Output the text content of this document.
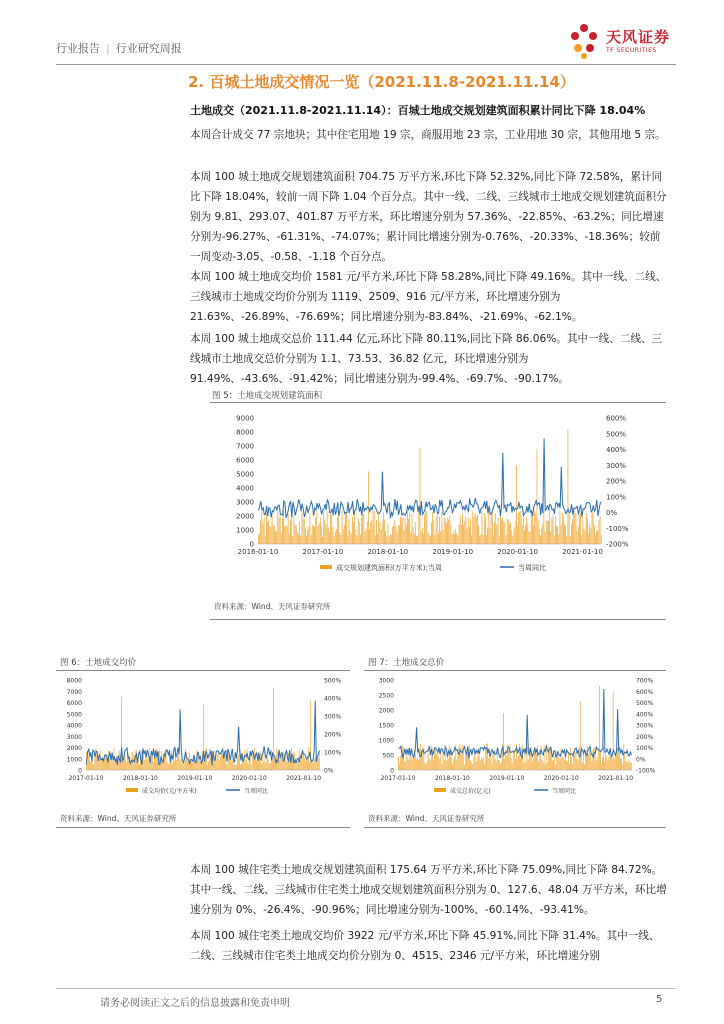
行业报告 | 行业研究周报
天风证券
TF SECURITIES
2. 百城土地成交情况一览（2021.11.8-2021.11.14）
土地成交（2021.11.8-2021.11.14）：百城土地成交规划建筑面积累计同比下降 18.04%
本周合计成交 77 宗地块；其中住宅用地 19 宗，商服用地 23 宗，工业用地 30 宗，其他用地 5 宗。
本周 100 城土地成交规划建筑面积 704.75 万平方米,环比下降 52.32%,同比下降 72.58%，累计同比下降 18.04%，较前一周下降 1.04 个百分点。其中一线、二线、三线城市土地成交规划建筑面积分别为 9.81、293.07、401.87 万平方米，环比增速分别为 57.36%、-22.85%、-63.2%；同比增速分别为-96.27%、-61.31%、-74.07%；累计同比增速分别为-0.76%、-20.33%、-18.36%；较前一周变动-3.05、-0.58、-1.18 个百分点。
本周 100 城土地成交均价 1581 元/平方米,环比下降 58.28%,同比下降 49.16%。其中一线、二线、三线城市土地成交均价分别为 1119、2509、916 元/平方米，环比增速分别为 21.63%、-26.89%、-76.69%；同比增速分别为-83.84%、-21.69%、-62.1%。
本周 100 城土地成交总价 111.44 亿元,环比下降 80.11%,同比下降 86.06%。其中一线、二线、三线城市土地成交总价分别为 1.1、73.53、36.82 亿元，环比增速分别为 91.49%、-43.6%、-91.42%；同比增速分别为-99.4%、-69.7%、-90.17%。
图 5：土地成交规划建筑面积
9000
8000
7000
6000
5000
4000
3000
2000
1000
0
600%
500%
400%
300%
200%
100%
0%
-100%
-200%
2016-01-10	2017-01-10	2018-01-10	2019-01-10	2020-01-10	2021-01-10
成交规划建筑面积(万平方米):当周	当周同比
资料来源：Wind、天风证券研究所
图 6：土地成交均价
8000
7000
6000
5000
4000
3000
2000
1000
0
500%
400%
300%
200%
100%
0%
2017-01-10	2018-01-10	2019-01-10	2020-01-10	2021-01-10
成交均价(元/平方米)	当周同比
资料来源：Wind、天风证券研究所
图 7：土地成交总价
3000
2500
2000
1500
1000
500
0
700%
600%
500%
400%
300%
200%
100%
0%
-100%
2017-01-10	2018-01-10	2019-01-10	2020-01-10	2021-01-10
成交总价(亿元)	当周同比
资料来源：Wind、天风证券研究所
本周 100 城住宅类土地成交规划建筑面积 175.64 万平方米,环比下降 75.09%,同比下降 84.72%。其中一线、二线、三线城市住宅类土地成交规划建筑面积分别为 0、127.6、48.04 万平方米，环比增速分别为 0%、-26.4%、-90.96%；同比增速分别为-100%、-60.14%、-93.41%。
本周 100 城住宅类土地成交均价 3922 元/平方米,环比下降 45.91%,同比下降 31.4%。其中一线、二线、三线城市住宅类土地成交均价分别为 0、4515、2346 元/平方米，环比增速分别
请务必阅读正文之后的信息披露和免责申明	5
